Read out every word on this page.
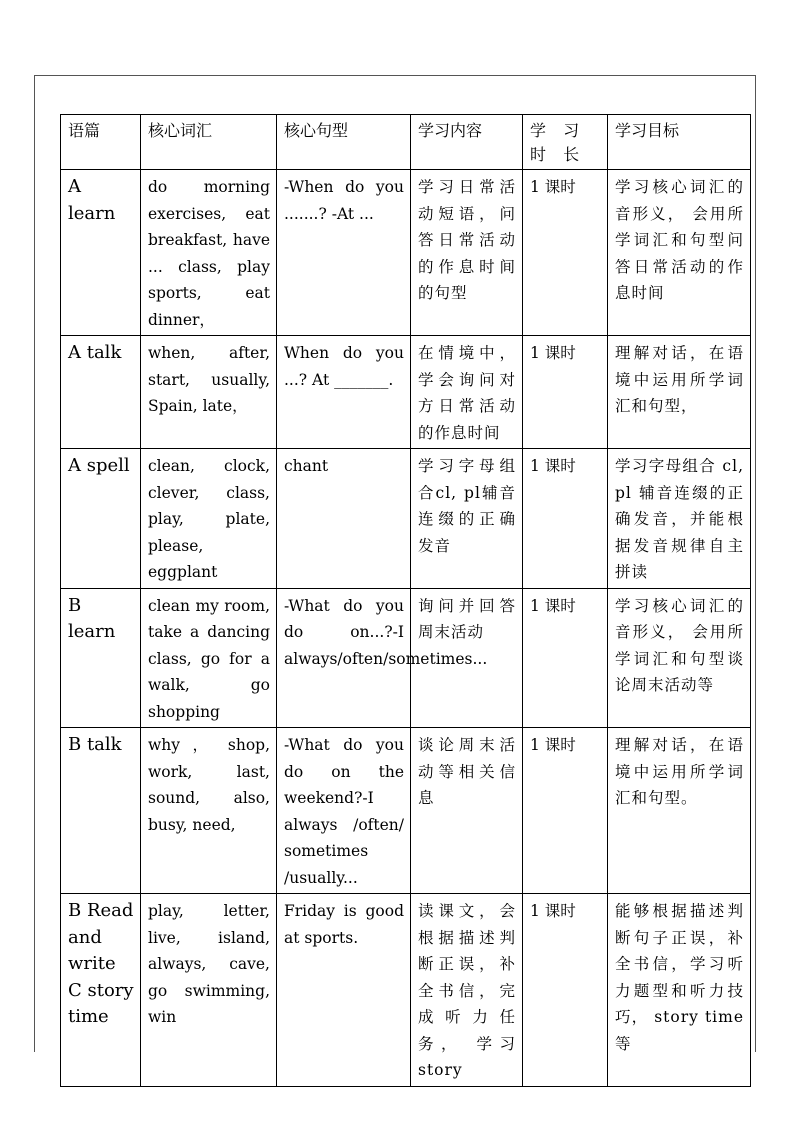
语篇	核心词汇	核心句型	学习内容	学 习 时 长	学习目标
A learn	do morning exercises, eat breakfast, have ... class, play sports, eat dinner，	-When do you .......? -At ...	学习日常活动短语，问答日常活动的作息时间的句型	1 课时	学习核心词汇的音形义， 会用所学词汇和句型问答日常活动的作息时间
A talk	when, after, start, usually, Spain, late，	When do you ...? At _______.	在情境中，学会询问对方日常活动的作息时间	1 课时	理解对话，在语境中运用所学词汇和句型，
A spell	clean, clock, clever, class, play, plate, please, eggplant	chant	学习字母组合cl, pl辅音连缀的正确发音	1 课时	学习字母组合 cl, pl 辅音连缀的正确发音，并能根据发音规律自主拼读
B learn	clean my room, take a dancing class, go for a walk, go shopping	-What do you do on...?-I always/often/sometimes...	询问并回答周末活动	1 课时	学习核心词汇的音形义， 会用所学词汇和句型谈论周末活动等
B talk	why ， shop, work, last, sound, also, busy, need,	-What do you do on the weekend?-I always /often/ sometimes /usually...	谈论周末活动等相关信息	1 课时	理解对话，在语境中运用所学词汇和句型。
B Read and write C story time	play, letter, live, island, always, cave, go swimming, win	Friday is good at sports.	读课文，会根据描述判断正误，补全书信，完成听力任务， 学习 story	1 课时	能够根据描述判断句子正误，补全书信，学习听力题型和听力技巧， story time 等
